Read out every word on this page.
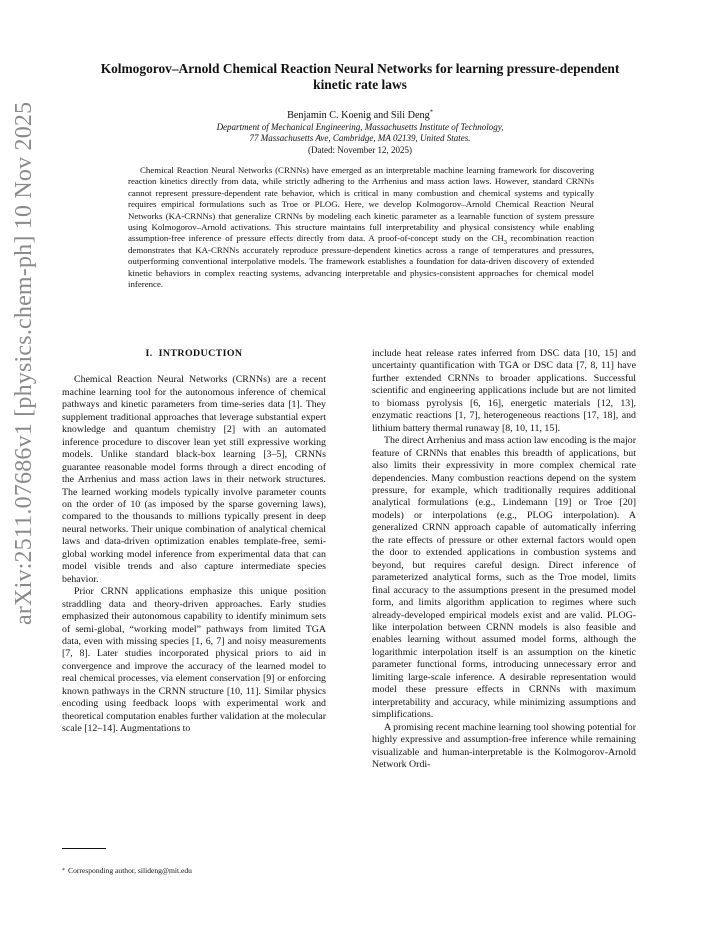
arXiv:2511.07686v1 [physics.chem-ph] 10 Nov 2025
Kolmogorov–Arnold Chemical Reaction Neural Networks for learning pressure-dependent kinetic rate laws
Benjamin C. Koenig and Sili Deng*
Department of Mechanical Engineering, Massachusetts Institute of Technology,
77 Massachusetts Ave, Cambridge, MA 02139, United States.
(Dated: November 12, 2025)

Chemical Reaction Neural Networks (CRNNs) have emerged as an interpretable machine learning framework for discovering reaction kinetics directly from data, while strictly adhering to the Arrhenius and mass action laws. However, standard CRNNs cannot represent pressure-dependent rate behavior, which is critical in many combustion and chemical systems and typically requires empirical formulations such as Troe or PLOG. Here, we develop Kolmogorov–Arnold Chemical Reaction Neural Networks (KA-CRNNs) that generalize CRNNs by modeling each kinetic parameter as a learnable function of system pressure using Kolmogorov–Arnold activations. This structure maintains full interpretability and physical consistency while enabling assumption-free inference of pressure effects directly from data. A proof-of-concept study on the $CH_3$ recombination reaction demonstrates that KA-CRNNs accurately reproduce pressure-dependent kinetics across a range of temperatures and pressures, outperforming conventional interpolative models. The framework establishes a foundation for data-driven discovery of extended kinetic behaviors in complex reacting systems, advancing interpretable and physics-consistent approaches for chemical model inference.

I. INTRODUCTION

Chemical Reaction Neural Networks (CRNNs) are a recent machine learning tool for the autonomous inference of chemical pathways and kinetic parameters from time-series data [1]. They supplement traditional approaches that leverage substantial expert knowledge and quantum chemistry [2] with an automated inference procedure to discover lean yet still expressive working models. Unlike standard black-box learning [3–5], CRNNs guarantee reasonable model forms through a direct encoding of the Arrhenius and mass action laws in their network structures. The learned working models typically involve parameter counts on the order of 10 (as imposed by the sparse governing laws), compared to the thousands to millions typically present in deep neural networks. Their unique combination of analytical chemical laws and data-driven optimization enables template-free, semi-global working model inference from experimental data that can model visible trends and also capture intermediate species behavior.

Prior CRNN applications emphasize this unique position straddling data and theory-driven approaches. Early studies emphasized their autonomous capability to identify minimum sets of semi-global, “working model” pathways from limited TGA data, even with missing species [1, 6, 7] and noisy measurements [7, 8]. Later studies incorporated physical priors to aid in convergence and improve the accuracy of the learned model to real chemical processes, via element conservation [9] or enforcing known pathways in the CRNN structure [10, 11]. Similar physics encoding using feedback loops with experimental work and theoretical computation enables further validation at the molecular scale [12–14]. Augmentations to

include heat release rates inferred from DSC data [10, 15] and uncertainty quantification with TGA or DSC data [7, 8, 11] have further extended CRNNs to broader applications. Successful scientific and engineering applications include but are not limited to biomass pyrolysis [6, 16], energetic materials [12, 13], enzymatic reactions [1, 7], heterogeneous reactions [17, 18], and lithium battery thermal runaway [8, 10, 11, 15].

The direct Arrhenius and mass action law encoding is the major feature of CRNNs that enables this breadth of applications, but also limits their expressivity in more complex chemical rate dependencies. Many combustion reactions depend on the system pressure, for example, which traditionally requires additional analytical formulations (e.g., Lindemann [19] or Troe [20] models) or interpolations (e.g., PLOG interpolation). A generalized CRNN approach capable of automatically inferring the rate effects of pressure or other external factors would open the door to extended applications in combustion systems and beyond, but requires careful design. Direct inference of parameterized analytical forms, such as the Troe model, limits final accuracy to the assumptions present in the presumed model form, and limits algorithm application to regimes where such already-developed empirical models exist and are valid. PLOG-like interpolation between CRNN models is also feasible and enables learning without assumed model forms, although the logarithmic interpolation itself is an assumption on the kinetic parameter functional forms, introducing unnecessary error and limiting large-scale inference. A desirable representation would model these pressure effects in CRNNs with maximum interpretability and accuracy, while minimizing assumptions and simplifications.

A promising recent machine learning tool showing potential for highly expressive and assumption-free inference while remaining visualizable and human-interpretable is the Kolmogorov-Arnold Network Ordi-

* Corresponding author, silideng@mit.edu
